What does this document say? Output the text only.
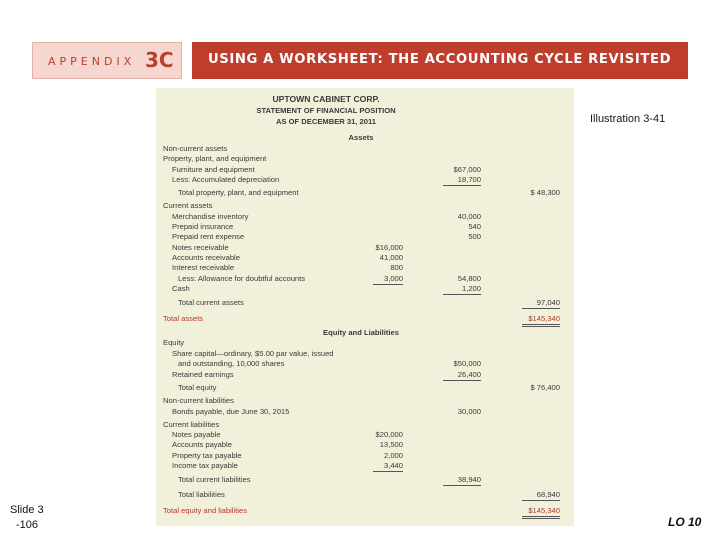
APPENDIX 3C	USING A WORKSHEET: THE ACCOUNTING CYCLE REVISITED
Illustration 3-41
UPTOWN CABINET CORP.
STATEMENT OF FINANCIAL POSITION
AS OF DECEMBER 31, 2011
Assets
Equity and Liabilities
Non-current assets
Property, plant, and equipment
Furniture and equipment	$67,000
Less: Accumulated depreciation	18,700
Total property, plant, and equipment	$ 48,300
Current assets
Merchandise inventory	40,000
Prepaid insurance	540
Prepaid rent expense	500
Notes receivable	$16,000
Accounts receivable	41,000
Interest receivable	800
Less: Allowance for doubtful accounts	3,000	54,800
Cash	1,200
Total current assets	97,040
Total assets	$145,340
Equity
Share capital—ordinary, $5.00 par value, issued
and outstanding, 10,000 shares	$50,000
Retained earnings	26,400
Total equity	$ 76,400
Non-current liabilities
Bonds payable, due June 30, 2015	30,000
Current liabilities
Notes payable	$20,000
Accounts payable	13,500
Property tax payable	2,000
Income tax payable	3,440
Total current liabilities	38,940
Total liabilities	68,940
Total equity and liabilities	$145,340
Slide 3
-106	LO 10
